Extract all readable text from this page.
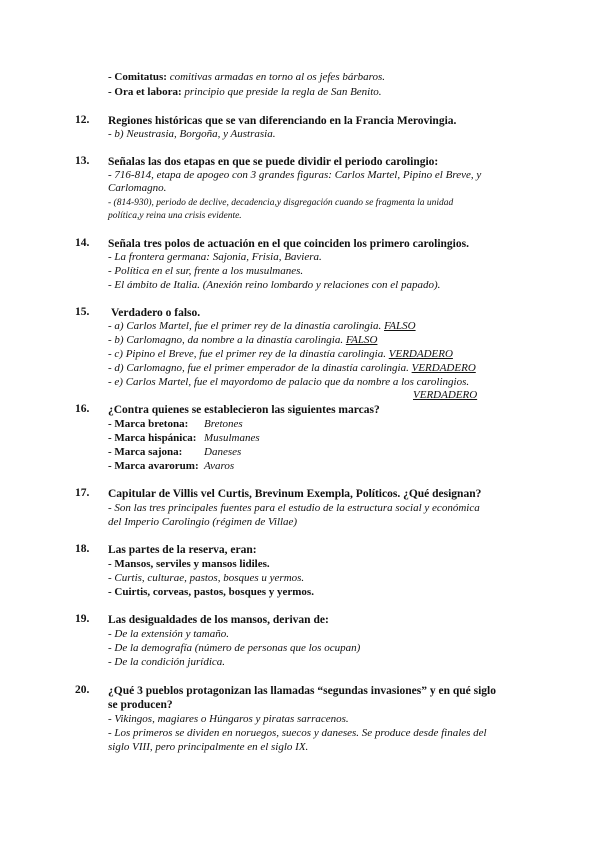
- Comitatus: comitivas armadas en torno al os jefes bárbaros.
- Ora et labora: principio que preside la regla de San Benito.
12. Regiones históricas que se van diferenciando en la Francia Merovingia.
- b) Neustrasia, Borgoña, y Austrasia.
13. Señalas las dos etapas en que se puede dividir el periodo carolingio:
- 716-814, etapa de apogeo con 3 grandes figuras: Carlos Martel, Pipino el Breve, y
Carlomagno.
- (814-930), periodo de declive, decadencia,y disgregación cuando se fragmenta la unidad
política,y reina una crisis evidente.
14. Señala tres polos de actuación en el que coinciden los primero carolingios.
- La frontera germana: Sajonia, Frisia, Baviera.
- Política en el sur, frente a los musulmanes.
- El ámbito de Italia. (Anexión reino lombardo y relaciones con el papado).
15. Verdadero o falso.
- a) Carlos Martel, fue el primer rey de la dinastía carolingia. FALSO
- b) Carlomagno, da nombre a la dinastía carolingia. FALSO
- c) Pipino el Breve, fue el primer rey de la dinastía carolingia. VERDADERO
- d) Carlomagno, fue el primer emperador de la dinastía carolingia. VERDADERO
- e) Carlos Martel, fue el mayordomo de palacio que da nombre a los carolingios.
VERDADERO
16. ¿Contra quienes se establecieron las siguientes marcas?
- Marca bretona: Bretones
- Marca hispánica: Musulmanes
- Marca sajona: Daneses
- Marca avarorum: Avaros
17. Capitular de Villis vel Curtis, Brevinum Exempla, Políticos. ¿Qué designan?
- Son las tres principales fuentes para el estudio de la estructura social y económica
del Imperio Carolingio (régimen de Villae)
18. Las partes de la reserva, eran:
- Mansos, serviles y mansos lidiles.
- Curtis, culturae, pastos, bosques u yermos.
- Cuirtis, corveas, pastos, bosques y yermos.
19. Las desigualdades de los mansos, derivan de:
- De la extensión y tamaño.
- De la demografía (número de personas que los ocupan)
- De la condición jurídica.
20. ¿Qué 3 pueblos protagonizan las llamadas “segundas invasiones” y en qué siglo
se producen?
- Vikingos, magiares o Húngaros y piratas sarracenos.
- Los primeros se dividen en noruegos, suecos y daneses. Se produce desde finales del
siglo VIII, pero principalmente en el siglo IX.
